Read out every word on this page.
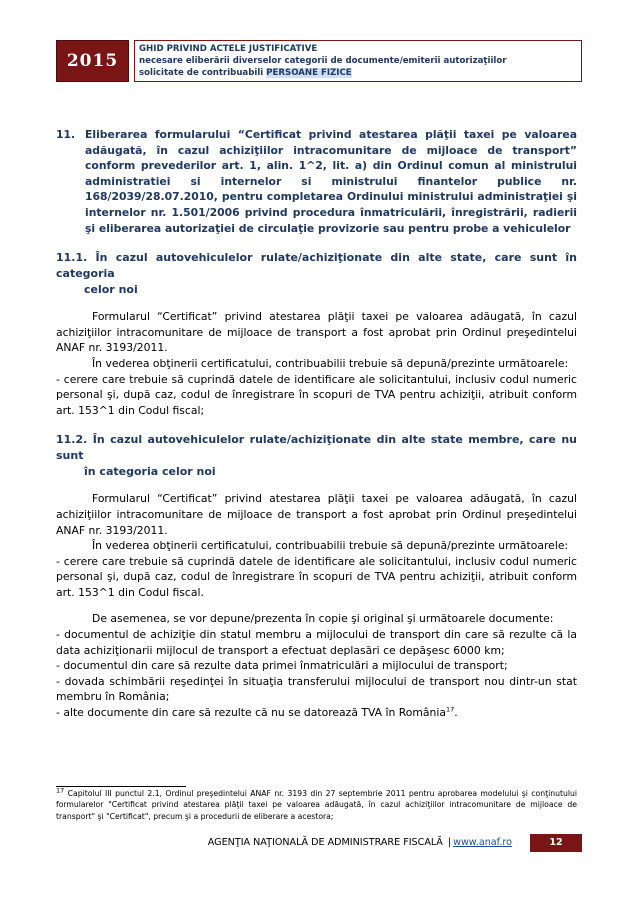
2015
GHID PRIVIND ACTELE JUSTIFICATIVE
necesare eliberării diverselor categorii de documente/emiterii autorizaţiilor
solicitate de contribuabili PERSOANE FIZICE
11. Eliberarea formularului “Certificat privind atestarea plăţii taxei pe valoarea adăugată, în cazul achiziţiilor intracomunitare de mijloace de transport” conform prevederilor art. 1, alin. 1^2, lit. a) din Ordinul comun al ministrului administratiei si internelor si ministrului finantelor publice nr. 168/2039/28.07.2010, pentru completarea Ordinului ministrului administraţiei şi internelor nr. 1.501/2006 privind procedura înmatriculării, înregistrării, radierii şi eliberarea autorizaţiei de circulaţie provizorie sau pentru probe a vehiculelor
11.1. În cazul autovehiculelor rulate/achiziţionate din alte state, care sunt în categoria
celor noi

Formularul “Certificat” privind atestarea plăţii taxei pe valoarea adăugată, în cazul achiziţiilor intracomunitare de mijloace de transport a fost aprobat prin Ordinul preşedintelui ANAF nr. 3193/2011.

În vederea obţinerii certificatului, contribuabilii trebuie să depună/prezinte următoarele:

- cerere care trebuie să cuprindă datele de identificare ale solicitantului, inclusiv codul numeric personal şi, după caz, codul de înregistrare în scopuri de TVA pentru achiziţii, atribuit conform art. 153^1 din Codul fiscal;

11.2. În cazul autovehiculelor rulate/achiziţionate din alte state membre, care nu sunt
în categoria celor noi

Formularul “Certificat” privind atestarea plăţii taxei pe valoarea adăugată, în cazul achiziţiilor intracomunitare de mijloace de transport a fost aprobat prin Ordinul preşedintelui ANAF nr. 3193/2011.

În vederea obţinerii certificatului, contribuabilii trebuie să depună/prezinte următoarele:

- cerere care trebuie să cuprindă datele de identificare ale solicitantului, inclusiv codul numeric personal şi, după caz, codul de înregistrare în scopuri de TVA pentru achiziţii, atribuit conform art. 153^1 din Codul fiscal.

De asemenea, se vor depune/prezenta în copie şi original şi următoarele documente:

- documentul de achiziţie din statul membru a mijlocului de transport din care să rezulte că la data achiziţionarii mijlocul de transport a efectuat deplasări ce depăşesc 6000 km;

- documentul din care să rezulte data primei înmatriculări a mijlocului de transport;

- dovada schimbării reşedinţei în situaţia transferului mijlocului de transport nou dintr-un stat membru în România;

- alte documente din care să rezulte că nu se datorează TVA în România$^{17}$.

$^{17}$ Capitolul III punctul 2.1, Ordinul preşedintelui ANAF nr. 3193 din 27 septembrie 2011 pentru aprobarea modelului şi conţinutului formularelor "Certificat privind atestarea plăţii taxei pe valoarea adăugată, în cazul achiziţiilor intracomunitare de mijloace de transport" şi "Certificat", precum şi a procedurii de eliberare a acestora;
AGENŢIA NAŢIONALĂ DE ADMINISTRARE FISCALĂ | www.anaf.ro	12
